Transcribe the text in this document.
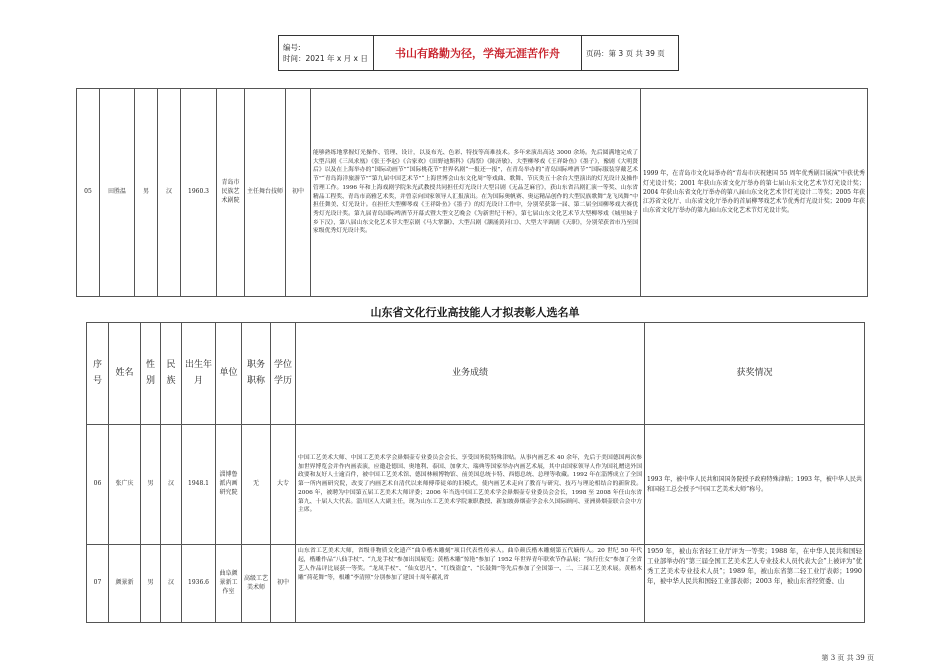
编号:
时间：2021 年 x 月 x 日	书山有路勤为径，学海无涯苦作舟	页码：第 3 页 共 39 页
05	田胜温	男	汉	1960.3	青岛市民族艺术剧院	主任舞台技师	初中	能够熟练地掌握灯光操作、管理、设计，以及布光、色彩、特技等高难技术。多年来演出高达 3000 余场。先后圆满地完成了大型吕剧《三凤求凰》《张王李赵》《合家欢》《田野迪斯科》《海祭》《陈济敏》、大型柳琴戏《王祥卧鱼》《墨子》，豫剧《大明贤后》以及在上海举办的“国际动画节”“国际桃花节”世界名剧“一报还一报”，在青岛举办的“青岛国际啤酒节”“国际服装穿戴艺术节”“青岛海洋旅游节”“第九届中国艺术节”“上海世博会山东文化周”等戏曲、歌舞、节庆类五十余台大型演出的灯光设计及操作管理工作。1996 年和上海戏剧学院朱光武教授共同担任灯光设计大型吕剧《无品芝麻官》，获山东省吕剧汇演一等奖、山东省精品工程奖、青岛市高雅艺术奖，并曾京向国家领导人汇报演出。在为国际奥帆赛、奥运精品创作的大型民族歌舞“龙飞凤舞”中担任舞美、灯光设计。在担任大型柳琴戏《王祥卧鱼》《墨子》的灯光设计工作中，分别荣获第一届、第二届全国柳琴戏大赛优秀灯光设计奖。第九届青岛国际啤酒节开幕式暨大型文艺晚会《为新世纪干杯》，第七届山东文化艺术节大型柳琴戏《城里妹子乡下汉》，第八届山东文化艺术节大型京剧《马大掌灏》、大型吕剧《灏涌黄河口》、大型大平调剧《天职》，分别荣获省市乃至国家级优秀灯光设计奖。	1999 年，在青岛市文化局举办的“青岛市庆祝建国 55 周年优秀剧目展演”中获优秀灯光设计奖；2001 年获山东省文化厅举办的第七届山东文化艺术节灯光设计奖；2004 年获山东省文化厅举办的第八届山东文化艺术节灯光设计二等奖；2005 年获江苏省文化厅、山东省文化厅举办的首届柳琴戏艺术节优秀灯光设计奖；2009 年获山东省文化厅举办的第九届山东文化艺术节灯光设计奖。
山东省文化行业高技能人才拟表彰人选名单
序号	姓名	性别	民族	出生年月	单位	职务职称	学位学历	业务成绩	获奖情况
06	张广庆	男	汉	1948.1	淄博鲁派内画研究院	无	大专	中国工艺美术大师、中国工艺美术学会鼻烟壶专业委员会会长、享受国务院特殊津贴。从事内画艺术 40 余年，先后于美国德国两次参加世界博览会并作内画表演，应邀赴德国、奥地利、泰国、加拿大、瑞典等国家举办内画艺术展，其中由国家领导人作为国礼赠送外国政要和友好人士逾百件，被中国工艺美术馆、德国林顿博物馆、前美国总统卡特、西德总统、总理等收藏。1992 年在淄博成立了全国第一所内画研究院，改变了内画艺术自清代以来师傅带徒弟的旧模式，使内画艺术走向了教育与研究、技巧与理论相结合的新阶段。2006 年，被聘为中国第五届工艺美术大师评委；2006 年当选中国工艺美术学会鼻烟壶专业委员会会长，1998 至 2008 年任山东省第九、十届人大代表。淄川区人大副主任，现为山东工艺美术学院兼职教授、新加坡鼻烟壶学会永久国际顾问、亚洲鼻烟壶联合会中方主席。	1993 年，被中华人民共和国国务院授予政府特殊津贴；1993 年，被中华人民共和国轻工总会授予“中国工艺美术大师”称号。
07	颜景新	男	汉	1936.6	曲阜颜景新工作室	高级工艺美术师	初中	山东省工艺美术大师，省级非物质文化遗产“曲阜楷木雕刻”项目代表性传承人。曲阜颜氏楷木雕刻第五代嫡传人。20 世纪 50 年代起，楷雕作品“八仙手杖”、“九龙手杖”参加出国展览；黄楷木雕“惊艳”参加了 1952 年世界青年联欢节作品展；“执行仕女”参加了全省艺人作品评比展获一等奖。“龙凤手杖”、“仙女思凡”、“红线盗盒”、“长鼓舞”等先后参加了全国第一、二、三届工艺美术展。黄楷木雕“荷花舞”等，根雕“李清照”分别参加了建国十周年献礼省	1959 年，被山东省轻工业厅评为一等奖；1988 年，在中华人民共和国轻工业部举办的“第三届全国工艺美术艺人专业技术人员代表大会”上被评为“优秀工艺美术专业技术人员”；1989 年，被山东省第二轻工业厅表彰；1990 年，被中华人民共和国轻工业部表彰；2003 年，被山东省经贸委、山
第 3 页 共 39 页
